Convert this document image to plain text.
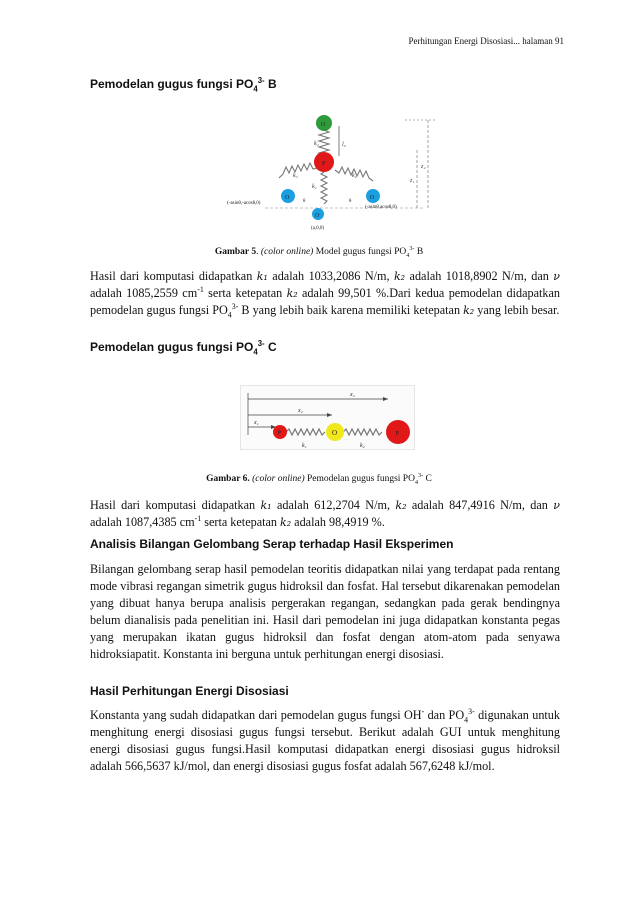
Perhitungan Energi Disosiasi... halaman 91
Pemodelan gugus fungsi $PO_4^{3-}$ B
O
P
O	O
O
k₄	l₀
k₃	k₂
k₁
z₂
z₁
θ	θ
(-asinθ,-acosθ,0)
(-asinθ,acosθ,0)
(a,0,0)
Gambar 5. (color online) Model gugus fungsi $PO_4^{3-}$ B
Hasil dari komputasi didapatkan k₁ adalah 1033,2086 N/m, k₂ adalah 1018,8902 N/m, dan ν adalah 1085,2559 $cm^{-1}$ serta ketepatan k₂ adalah 99,501 %.Dari kedua pemodelan didapatkan pemodelan gugus fungsi $PO_4^{3-}$ B yang lebih baik karena memiliki ketepatan k₂ yang lebih besar.
Pemodelan gugus fungsi $PO_4^{3-}$ C
x₃
x₂
x₁
P	O	P
k₁	k₂
Gambar 6. (color online) Pemodelan gugus fungsi $PO_4^{3-}$ C
Hasil dari komputasi didapatkan k₁ adalah 612,2704 N/m, k₂ adalah 847,4916 N/m, dan ν adalah 1087,4385 $cm^{-1}$ serta ketepatan k₂ adalah 98,4919 %.
Analisis Bilangan Gelombang Serap terhadap Hasil Eksperimen
Bilangan gelombang serap hasil pemodelan teoritis didapatkan nilai yang terdapat pada rentang mode vibrasi regangan simetrik gugus hidroksil dan fosfat. Hal tersebut dikarenakan pemodelan yang dibuat hanya berupa analisis pergerakan regangan, sedangkan pada gerak bendingnya belum dianalisis pada penelitian ini. Hasil dari pemodelan ini juga didapatkan konstanta pegas yang merupakan ikatan gugus hidroksil dan fosfat dengan atom-atom pada senyawa hidroksiapatit. Konstanta ini berguna untuk perhitungan energi disosiasi.
Hasil Perhitungan Energi Disosiasi
Konstanta yang sudah didapatkan dari pemodelan gugus fungsi OH- dan $PO_4^{3-}$ digunakan untuk menghitung energi disosiasi gugus fungsi tersebut. Berikut adalah GUI untuk menghitung energi disosiasi gugus fungsi.Hasil komputasi didapatkan energi disosiasi gugus hidroksil adalah 566,5637 kJ/mol, dan energi disosiasi gugus fosfat adalah 567,6248 kJ/mol.
